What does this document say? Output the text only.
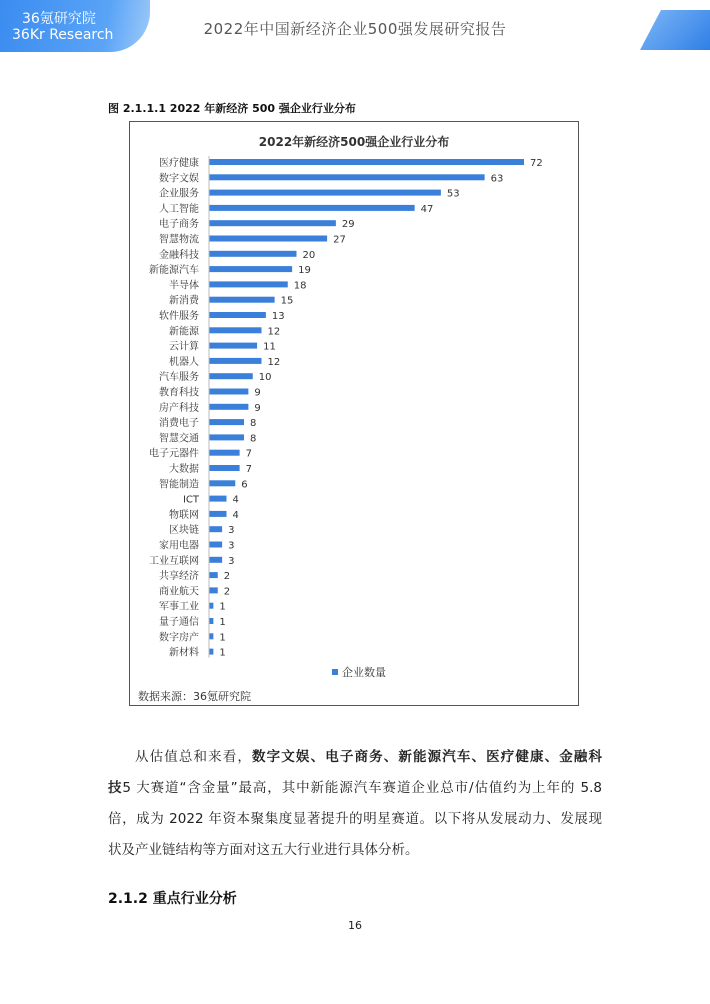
36氪研究院
36Kr Research	2022年中国新经济企业500强发展研究报告
图 2.1.1.1 2022 年新经济 500 强企业行业分布
2022年新经济500强企业行业分布
医疗健康	72
数字文娱	63
企业服务	53
人工智能	47
电子商务	29
智慧物流	27
金融科技	20
新能源汽车	19
半导体	18
新消费	15
软件服务	13
新能源	12
云计算	11
机器人	12
汽车服务	10
教育科技	9
房产科技	9
消费电子	8
智慧交通	8
电子元器件	7
大数据	7
智能制造	6
ICT	4
物联网	4
区块链	3
家用电器	3
工业互联网	3
共享经济 2
商业航天 2
军事工业 1
量子通信 1
数字房产 1
新材料 1
企业数量
数据来源：36氪研究院
从估值总和来看，数字文娱、电子商务、新能源汽车、医疗健康、金融科
技5 大赛道“含金量”最高，其中新能源汽车赛道企业总市/估值约为上年的 5.8
倍，成为 2022 年资本聚集度显著提升的明星赛道。以下将从发展动力、发展现
状及产业链结构等方面对这五大行业进行具体分析。
2.1.2 重点行业分析
16
